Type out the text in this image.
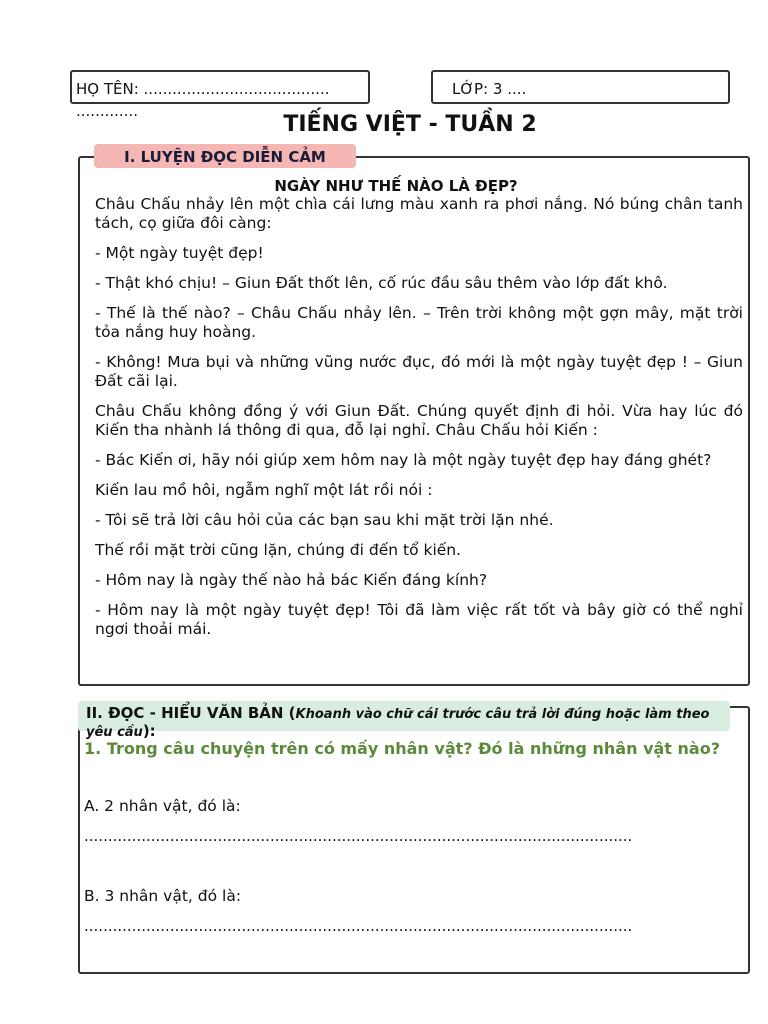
HỌ TÊN: ....................................... .............
LỚP: 3 ....
TIẾNG VIỆT - TUẦN 2
I. LUYỆN ĐỌC DIỄN CẢM
NGÀY NHƯ THẾ NÀO LÀ ĐẸP?

Châu Chấu nhảy lên một chìa cái lưng màu xanh ra phơi nắng. Nó búng chân tanh tách, cọ giữa đôi càng:

- Một ngày tuyệt đẹp!

- Thật khó chịu! – Giun Đất thốt lên, cố rúc đầu sâu thêm vào lớp đất khô.

- Thế là thế nào? – Châu Chấu nhảy lên. – Trên trời không một gợn mây, mặt trời tỏa nắng huy hoàng.

- Không! Mưa bụi và những vũng nước đục, đó mới là một ngày tuyệt đẹp ! – Giun Đất cãi lại.

Châu Chấu không đồng ý với Giun Đất. Chúng quyết định đi hỏi. Vừa hay lúc đó Kiến tha nhành lá thông đi qua, đỗ lại nghỉ. Châu Chấu hỏi Kiến :

- Bác Kiến ơi, hãy nói giúp xem hôm nay là một ngày tuyệt đẹp hay đáng ghét?

Kiến lau mồ hôi, ngẫm nghĩ một lát rồi nói :

- Tôi sẽ trả lời câu hỏi của các bạn sau khi mặt trời lặn nhé.

Thế rồi mặt trời cũng lặn, chúng đi đến tổ kiến.

- Hôm nay là ngày thế nào hả bác Kiến đáng kính?

- Hôm nay là một ngày tuyệt đẹp! Tôi đã làm việc rất tốt và bây giờ có thể nghỉ ngơi thoải mái.

II. ĐỌC - HIỂU VĂN BẢN (Khoanh vào chữ cái trước câu trả lời đúng hoặc làm theo yêu cầu):
1. Trong câu chuyện trên có mấy nhân vật? Đó là những nhân vật nào?
A. 2 nhân vật, đó là:
...................................................................................................................
B. 3 nhân vật, đó là:
...................................................................................................................
